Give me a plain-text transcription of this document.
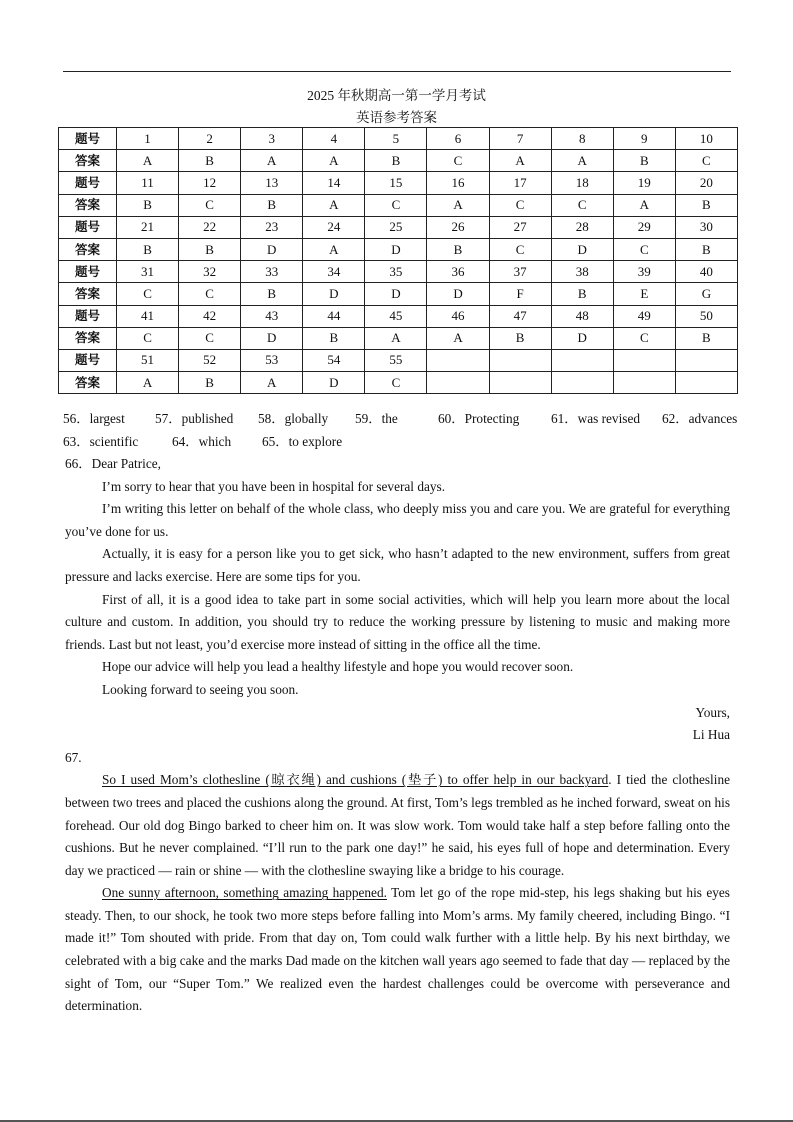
2025 年秋期高一第一学月考试
英语参考答案
题号	1	2	3	4	5	6	7	8	9	10
答案	A	B	A	A	B	C	A	A	B	C
题号	11	12	13	14	15	16	17	18	19	20
答案	B	C	B	A	C	A	C	C	A	B
题号	21	22	23	24	25	26	27	28	29	30
答案	B	B	D	A	D	B	C	D	C	B
题号	31	32	33	34	35	36	37	38	39	40
答案	C	C	B	D	D	D	F	B	E	G
题号	41	42	43	44	45	46	47	48	49	50
答案	C	C	D	B	A	A	B	D	C	B
题号	51	52	53	54	55					
答案	A	B	A	D	C					
56．largest 57．published 58．globally 59．the	60．Protecting 61．was revised 62．advances
63．scientific	64．which 65．to explore

66．Dear Patrice,

I’m sorry to hear that you have been in hospital for several days.

I’m writing this letter on behalf of the whole class, who deeply miss you and care you. We are grateful for everything you’ve done for us.

Actually, it is easy for a person like you to get sick, who hasn’t adapted to the new environment, suffers from great pressure and lacks exercise. Here are some tips for you.

First of all, it is a good idea to take part in some social activities, which will help you learn more about the local culture and custom. In addition, you should try to reduce the working pressure by listening to music and making more friends. Last but not least, you’d exercise more instead of sitting in the office all the time.

Hope our advice will help you lead a healthy lifestyle and hope you would recover soon.

Looking forward to seeing you soon.

Yours,

Li Hua

67.

So I used Mom’s clothesline (晾衣绳) and cushions (垫子) to offer help in our backyard. I tied the clothesline between two trees and placed the cushions along the ground. At first, Tom’s legs trembled as he inched forward, sweat on his forehead. Our old dog Bingo barked to cheer him on. It was slow work. Tom would take half a step before falling onto the cushions. But he never complained. “I’ll run to the park one day!” he said, his eyes full of hope and determination. Every day we practiced — rain or shine — with the clothesline swaying like a bridge to his courage.

One sunny afternoon, something amazing happened. Tom let go of the rope mid-step, his legs shaking but his eyes steady. Then, to our shock, he took two more steps before falling into Mom’s arms. My family cheered, including Bingo. “I made it!” Tom shouted with pride. From that day on, Tom could walk further with a little help. By his next birthday, we celebrated with a big cake and the marks Dad made on the kitchen wall years ago seemed to fade that day — replaced by the sight of Tom, our “Super Tom.” We realized even the hardest challenges could be overcome with perseverance and determination.
